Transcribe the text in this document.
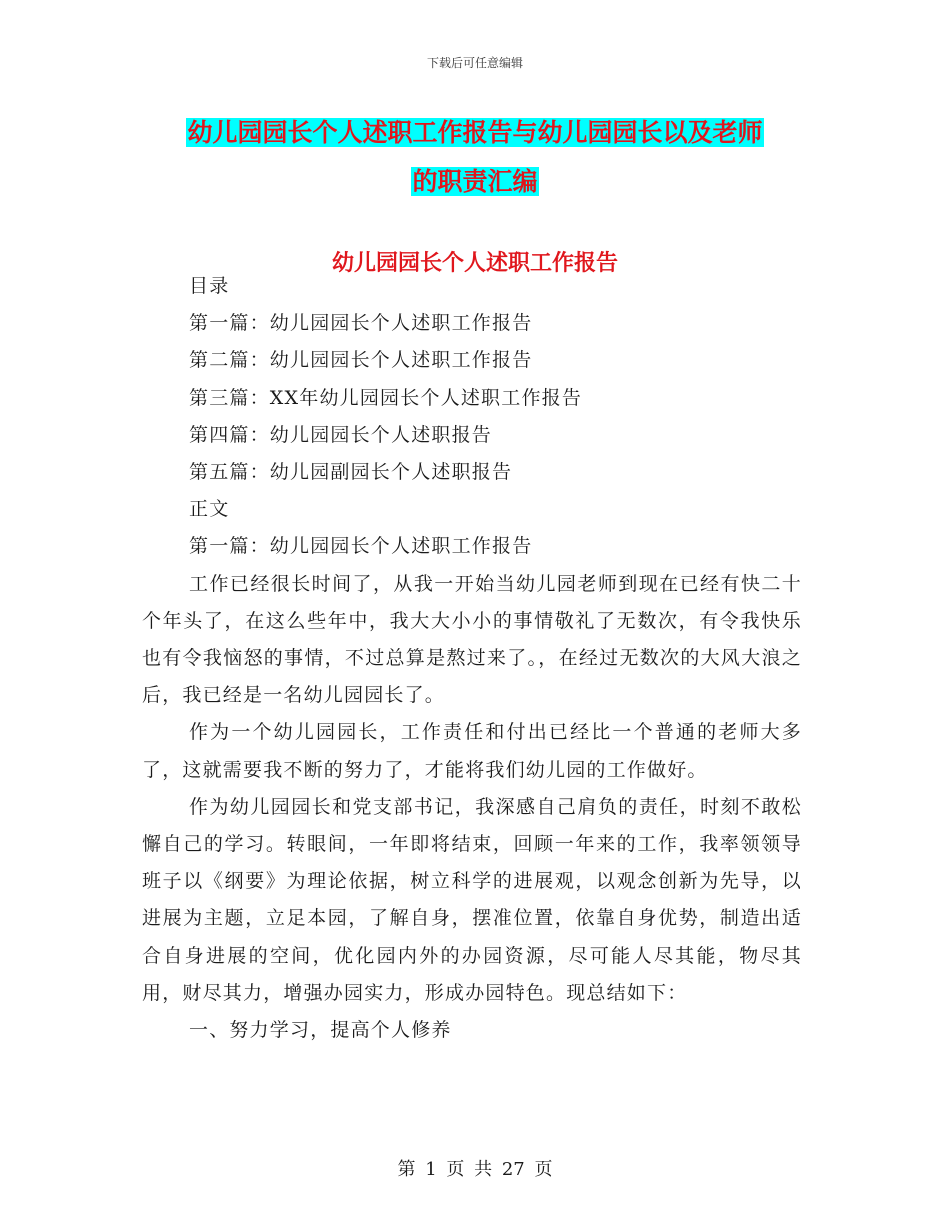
下载后可任意编辑
幼儿园园长个人述职工作报告与幼儿园园长以及老师
的职责汇编
幼儿园园长个人述职工作报告

目录

第一篇：幼儿园园长个人述职工作报告

第二篇：幼儿园园长个人述职工作报告

第三篇：XX年幼儿园园长个人述职工作报告

第四篇：幼儿园园长个人述职报告

第五篇：幼儿园副园长个人述职报告

正文

第一篇：幼儿园园长个人述职工作报告

工作已经很长时间了，从我一开始当幼儿园老师到现在已经有快二十个年头了，在这么些年中，我大大小小的事情敬礼了无数次，有令我快乐也有令我恼怒的事情，不过总算是熬过来了。，在经过无数次的大风大浪之后，我已经是一名幼儿园园长了。

作为一个幼儿园园长，工作责任和付出已经比一个普通的老师大多了，这就需要我不断的努力了，才能将我们幼儿园的工作做好。

作为幼儿园园长和党支部书记，我深感自己肩负的责任，时刻不敢松懈自己的学习。转眼间，一年即将结束，回顾一年来的工作，我率领领导班子以《纲要》为理论依据，树立科学的进展观，以观念创新为先导，以进展为主题，立足本园，了解自身，摆准位置，依靠自身优势，制造出适合自身进展的空间，优化园内外的办园资源，尽可能人尽其能，物尽其用，财尽其力，增强办园实力，形成办园特色。现总结如下：

一、努力学习，提高个人修养

第 1 页 共 27 页
